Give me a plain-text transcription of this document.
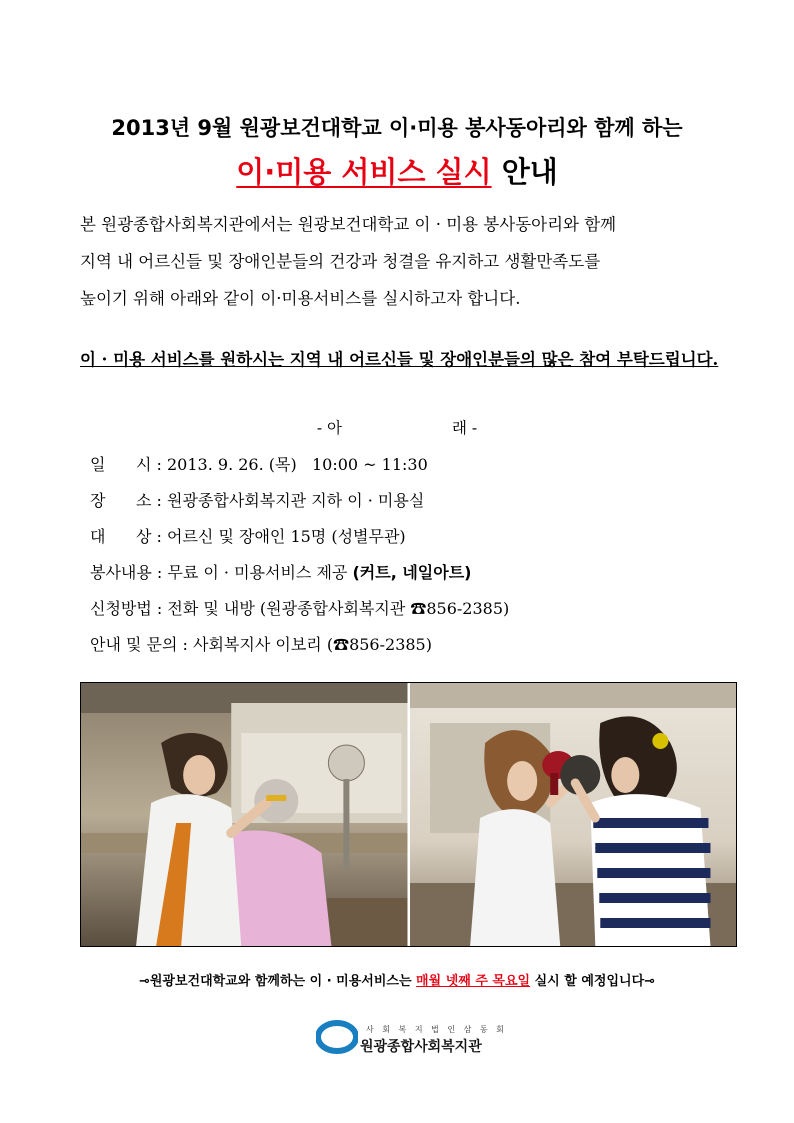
2013년 9월 원광보건대학교 이·미용 봉사동아리와 함께 하는
이·미용 서비스 실시 안내

본 원광종합사회복지관에서는 원광보건대학교 이 · 미용 봉사동아리와 함께

지역 내 어르신들 및 장애인분들의 건강과 청결을 유지하고 생활만족도를

높이기 위해 아래와 같이 이·미용서비스를 실시하고자 합니다.

이 · 미용 서비스를 원하시는 지역 내 어르신들 및 장애인분들의 많은 참여 부탁드립니다.
- 아	래 -
일      시 : 2013. 9. 26. (목)   10:00 ~ 11:30
장      소 : 원광종합사회복지관 지하 이 · 미용실
대      상 : 어르신 및 장애인 15명 (성별무관)
봉사내용 : 무료 이 · 미용서비스 제공 (커트, 네일아트)
신청방법 : 전화 및 내방 (원광종합사회복지관 ☎856-2385)
안내 및 문의 : 사회복지사 이보리 (☎856-2385)
⊸원광보건대학교와 함께하는 이 · 미용서비스는 매월 넷째 주 목요일 실시 할 예정입니다⊸
사 회 복 지 법 인 삼 동 회
원광종합사회복지관
